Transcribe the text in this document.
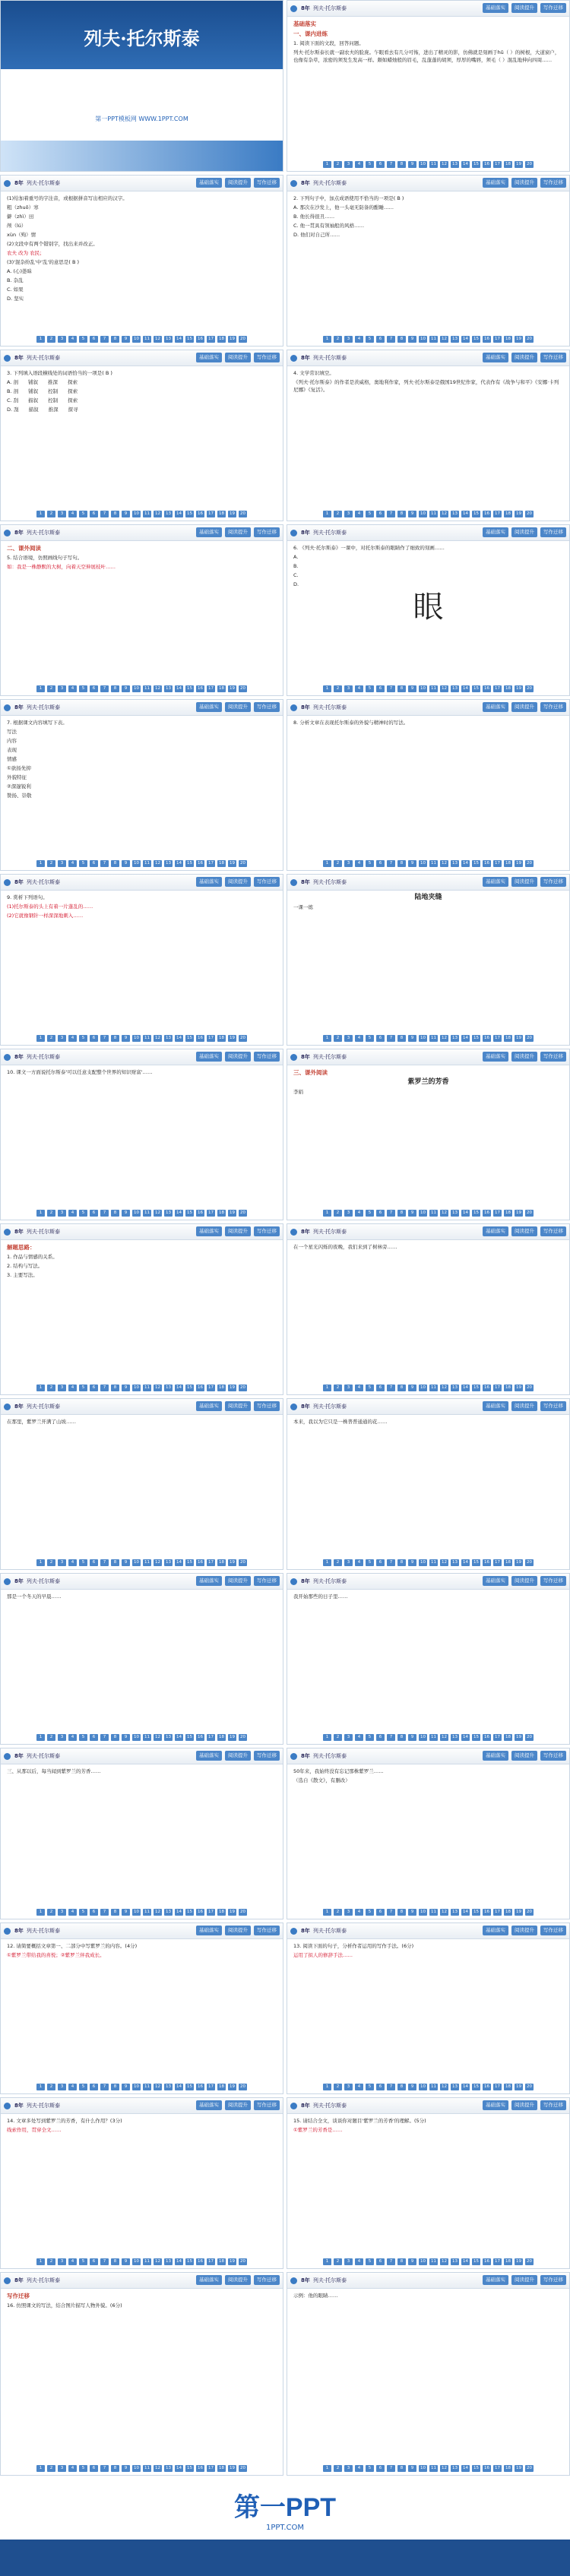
列夫·托尔斯泰
第一PPT模板网 WWW.1PPT.COM
8年 列夫·托尔斯泰	基础落实	阅读提升	写作迁移

基础落实

一、课内进练

1. 阅读下面的文段，回答问题。

列夫·托尔斯泰长就一副农夫的脸庞。乍眼看去有几分可怖，进出了精灵的影，仿佛就是刻画于hǔ（ ）的树根，大道窗户，也像有杂草，浓密的须发生发高一样。颇如蜡烛般的眉毛，乱蓬蓬的胡须，厚厚的嘴唇，须毛（ ）混乱地伸向四周……

1	2	3	4	5	6	7	8	9	10	11	12	13	14	15	16	17	18	19	20
8年 列夫·托尔斯泰	基础落实	阅读提升	写作迁移

(1)给加着重号的字注音，或根据拼音写出相应的汉字。

粗（zhuō）寒

僻（zhì）田

颅（lú）

xùn（殉）情

(2)文段中有两个错别字，找出来并改正。

农夫 改为 农民；

(3)'混杂纷乱'中'乱'的意思是( B )

A. (心)愚昧

B. 杂乱

C. 如果

D. 坚实

1	2	3	4	5	6	7	8	9	10	11	12	13	14	15	16	17	18	19	20
8年 列夫·托尔斯泰	基础落实	阅读提升	写作迁移

2. 下列句子中，加点成语使用不恰当的一项是( B )

A. 那次在沙发上，他一头毫无防备的酣睡……

B. 他长得很丑……

C. 他一贯具有领袖般的风格……

D. 他们对自己所……

1	2	3	4	5	6	7	8	9	10	11	12	13	14	15	16	17	18	19	20
8年 列夫·托尔斯泰	基础落实	阅读提升	写作迁移

3. 下列填入语段横线处的词语恰当的一项是( B )

A. 剖　　铺叙　　推深　　探索

B. 剖　　铺叙　　控制　　探索

C. 刮　　描叙　　控制　　探索

D. 刮　　描叙　　推深　　探寻

1	2	3	4	5	6	7	8	9	10	11	12	13	14	15	16	17	18	19	20
8年 列夫·托尔斯泰	基础落实	阅读提升	写作迁移

4. 文学常识填空。

《列夫·托尔斯泰》的作者是茨威格，奥地利作家，列夫·托尔斯泰是俄国19世纪作家，代表作有《战争与和平》《安娜·卡列尼娜》《复活》。

1	2	3	4	5	6	7	8	9	10	11	12	13	14	15	16	17	18	19	20
8年 列夫·托尔斯泰	基础落实	阅读提升	写作迁移

二、课外阅读

5. 结合语境，仿照画线句子写句。

如：我是一株静默的大树，向着天空伸展枝叶……

1	2	3	4	5	6	7	8	9	10	11	12	13	14	15	16	17	18	19	20
8年 列夫·托尔斯泰	基础落实	阅读提升	写作迁移

6. 《列夫·托尔斯泰》一课中，对托尔斯泰的眼睛作了细致的刻画……

A.

B.

C.

D.

眼

1	2	3	4	5	6	7	8	9	10	11	12	13	14	15	16	17	18	19	20
8年 列夫·托尔斯泰	基础落实	阅读提升	写作迁移

7. 根据课文内容填写下表。

写法

内容

表现

情感

①欲扬先抑

外貌特征

②深邃锐利

赞扬、崇敬

1	2	3	4	5	6	7	8	9	10	11	12	13	14	15	16	17	18	19	20
8年 列夫·托尔斯泰	基础落实	阅读提升	写作迁移

8. 分析文章在表现托尔斯泰的外貌与精神时的写法。

1	2	3	4	5	6	7	8	9	10	11	12	13	14	15	16	17	18	19	20
8年 列夫·托尔斯泰	基础落实	阅读提升	写作迁移

9. 赏析下列语句。

(1)托尔斯泰的头上有着一片蓬乱的……

(2)它就像钢针一样深深地刺入……

1	2	3	4	5	6	7	8	9	10	11	12	13	14	15	16	17	18	19	20
8年 列夫·托尔斯泰	基础落实	阅读提升	写作迁移

陆地夹缝

一课一练

1	2	3	4	5	6	7	8	9	10	11	12	13	14	15	16	17	18	19	20
8年 列夫·托尔斯泰	基础落实	阅读提升	写作迁移

10. 课文一方面说托尔斯泰'可以任意支配整个世界的知识财富'……

1	2	3	4	5	6	7	8	9	10	11	12	13	14	15	16	17	18	19	20
8年 列夫·托尔斯泰	基础落实	阅读提升	写作迁移

三、课外阅读

紫罗兰的芳香

李娟

1	2	3	4	5	6	7	8	9	10	11	12	13	14	15	16	17	18	19	20
8年 列夫·托尔斯泰	基础落实	阅读提升	写作迁移

解题思路：

1. 作品与情感的关系。

2. 结构与写法。

3. 主要写法。

1	2	3	4	5	6	7	8	9	10	11	12	13	14	15	16	17	18	19	20
8年 列夫·托尔斯泰	基础落实	阅读提升	写作迁移

在一个星光闪烁的夜晚，我们来到了树林旁……

1	2	3	4	5	6	7	8	9	10	11	12	13	14	15	16	17	18	19	20
8年 列夫·托尔斯泰	基础落实	阅读提升	写作迁移

在那里，紫罗兰开满了山坡……

1	2	3	4	5	6	7	8	9	10	11	12	13	14	15	16	17	18	19	20
8年 列夫·托尔斯泰	基础落实	阅读提升	写作迁移

本来，我以为它只是一株普普通通的花……

1	2	3	4	5	6	7	8	9	10	11	12	13	14	15	16	17	18	19	20
8年 列夫·托尔斯泰	基础落实	阅读提升	写作迁移

那是一个冬天的早晨……

1	2	3	4	5	6	7	8	9	10	11	12	13	14	15	16	17	18	19	20
8年 列夫·托尔斯泰	基础落实	阅读提升	写作迁移

我开始那些的日子里……

1	2	3	4	5	6	7	8	9	10	11	12	13	14	15	16	17	18	19	20
8年 列夫·托尔斯泰	基础落实	阅读提升	写作迁移

三、从那以后，每当闻到紫罗兰的芳香……

1	2	3	4	5	6	7	8	9	10	11	12	13	14	15	16	17	18	19	20
8年 列夫·托尔斯泰	基础落实	阅读提升	写作迁移

50年来，我始终没有忘记那株紫罗兰……

（选自《散文》，有删改）

1	2	3	4	5	6	7	8	9	10	11	12	13	14	15	16	17	18	19	20
8年 列夫·托尔斯泰	基础落实	阅读提升	写作迁移

12. 请简要概括文章第一、二部分中写紫罗兰的内容。(4分)

①紫罗兰带给我的喜悦；②紫罗兰伴我成长。

1	2	3	4	5	6	7	8	9	10	11	12	13	14	15	16	17	18	19	20
8年 列夫·托尔斯泰	基础落实	阅读提升	写作迁移

13. 阅读下面的句子，分析作者运用的写作手法。(6分)

运用了拟人的修辞手法……

1	2	3	4	5	6	7	8	9	10	11	12	13	14	15	16	17	18	19	20
8年 列夫·托尔斯泰	基础落实	阅读提升	写作迁移

14. 文章多处写到紫罗兰的芳香，有什么作用？(3分)

线索作用，贯穿全文……

1	2	3	4	5	6	7	8	9	10	11	12	13	14	15	16	17	18	19	20
8年 列夫·托尔斯泰	基础落实	阅读提升	写作迁移

15. 请结合全文，谈谈你对题目'紫罗兰的芳香'的理解。(5分)

①紫罗兰的芳香是……

1	2	3	4	5	6	7	8	9	10	11	12	13	14	15	16	17	18	19	20
8年 列夫·托尔斯泰	基础落实	阅读提升	写作迁移

写作迁移

16. 仿照课文的写法，结合图片描写人物外貌。(6分)

1	2	3	4	5	6	7	8	9	10	11	12	13	14	15	16	17	18	19	20
8年 列夫·托尔斯泰	基础落实	阅读提升	写作迁移

示例：他的眼睛……

1	2	3	4	5	6	7	8	9	10	11	12	13	14	15	16	17	18	19	20
第一PPT
1PPT.COM
